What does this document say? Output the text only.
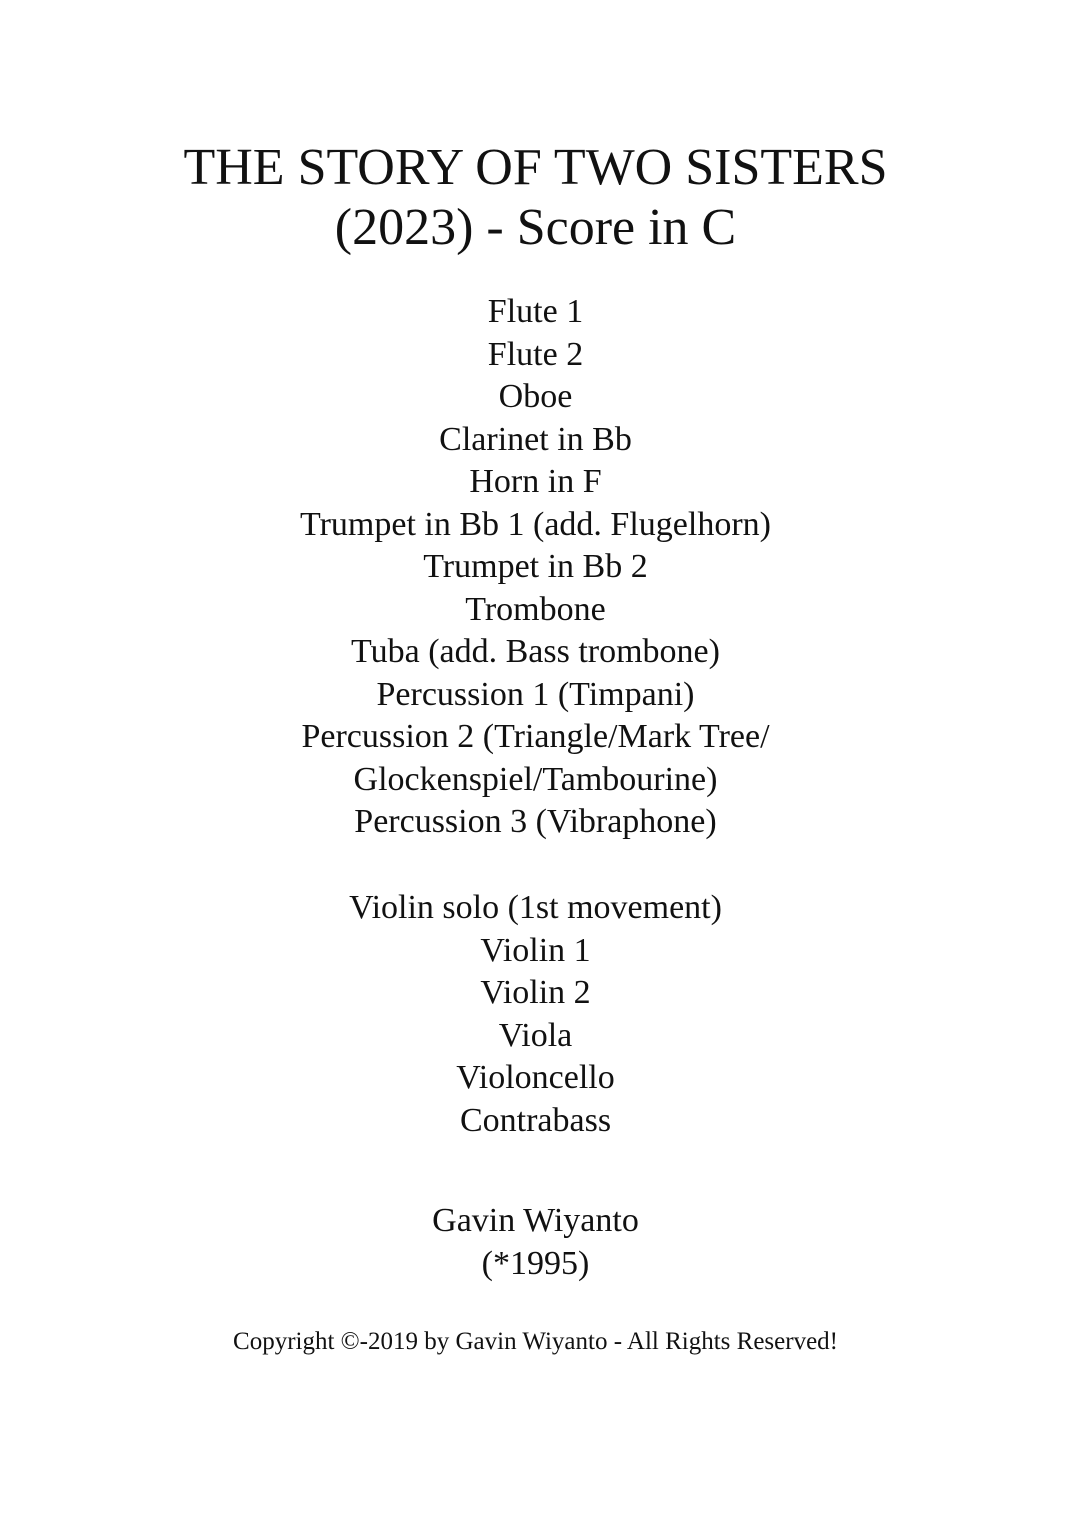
THE STORY OF TWO SISTERS
(2023) - Score in C
Flute 1
Flute 2
Oboe
Clarinet in Bb
Horn in F
Trumpet in Bb 1 (add. Flugelhorn)
Trumpet in Bb 2
Trombone
Tuba (add. Bass trombone)
Percussion 1 (Timpani)
Percussion 2 (Triangle/Mark Tree/
Glockenspiel/Tambourine)
Percussion 3 (Vibraphone)
Violin solo (1st movement)
Violin 1
Violin 2
Viola
Violoncello
Contrabass
Gavin Wiyanto
(*1995)
Copyright ©-2019 by Gavin Wiyanto - All Rights Reserved!
